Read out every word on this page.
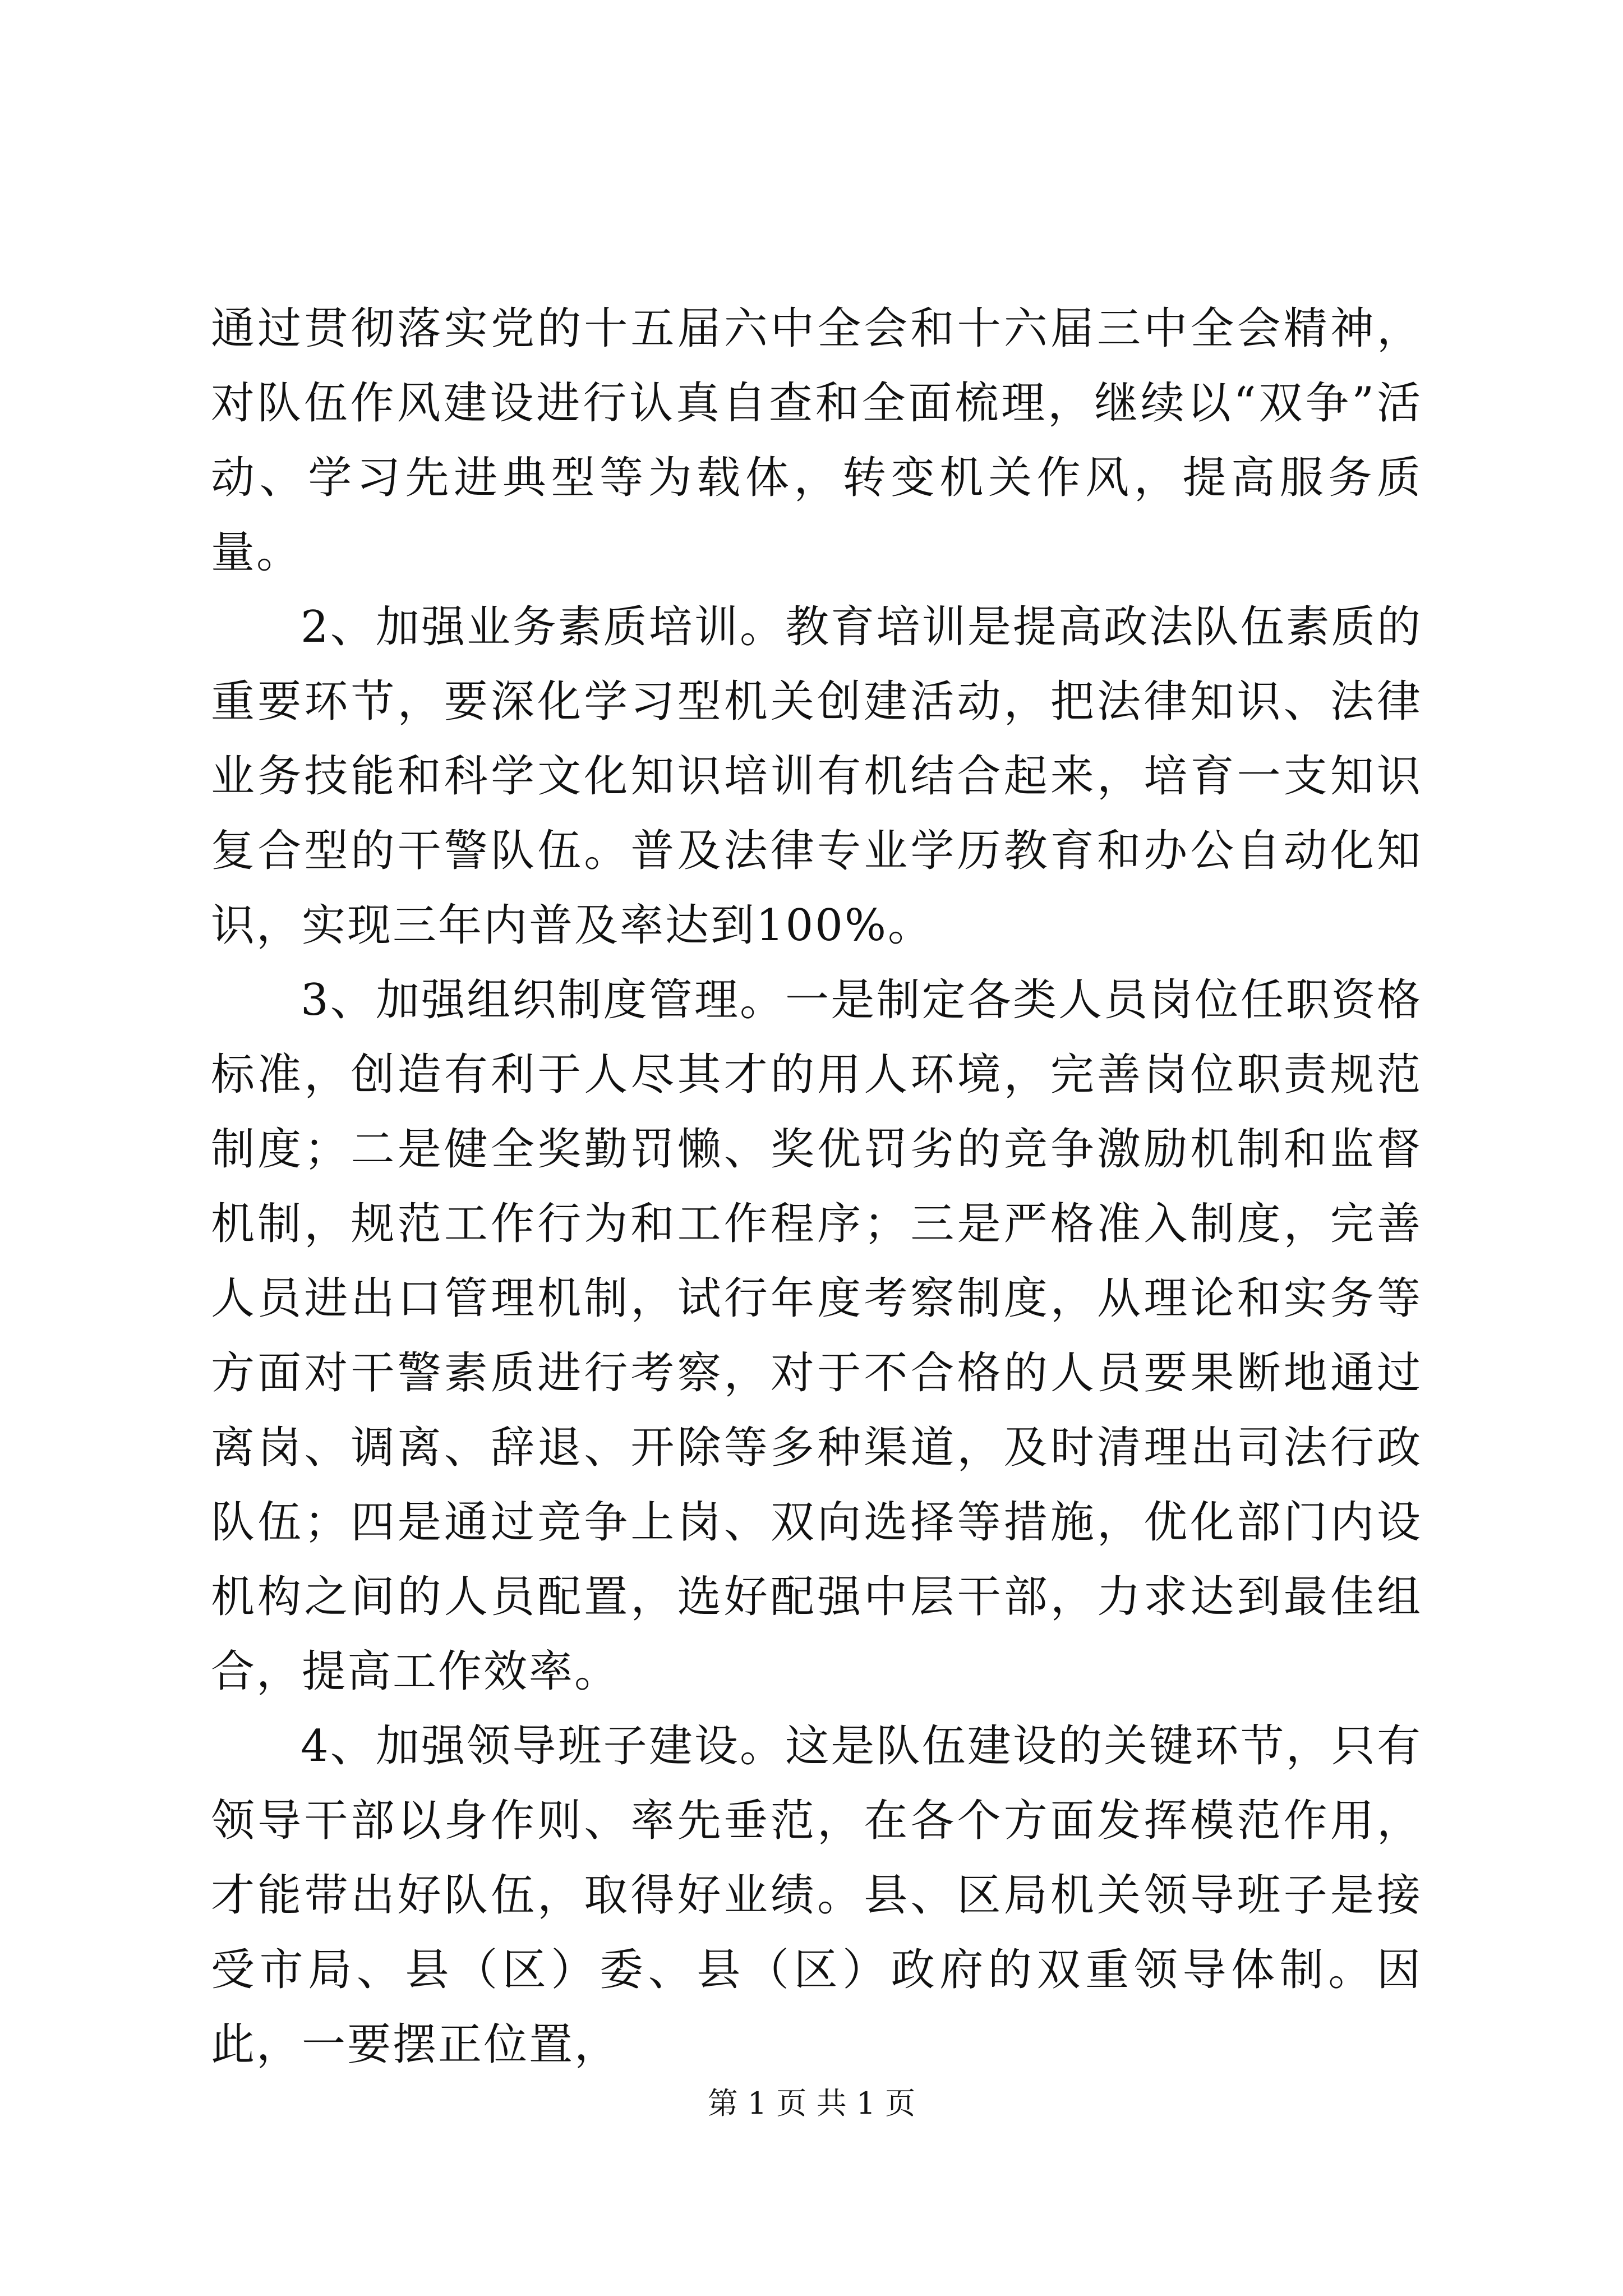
通过贯彻落实党的十五届六中全会和十六届三中全会精神，对队伍作风建设进行认真自查和全面梳理，继续以“双争”活动、学习先进典型等为载体，转变机关作风，提高服务质量。

2、加强业务素质培训。教育培训是提高政法队伍素质的重要环节，要深化学习型机关创建活动，把法律知识、法律业务技能和科学文化知识培训有机结合起来，培育一支知识复合型的干警队伍。普及法律专业学历教育和办公自动化知识，实现三年内普及率达到100%。

3、加强组织制度管理。一是制定各类人员岗位任职资格标准，创造有利于人尽其才的用人环境，完善岗位职责规范制度；二是健全奖勤罚懒、奖优罚劣的竞争激励机制和监督机制，规范工作行为和工作程序；三是严格准入制度，完善人员进出口管理机制，试行年度考察制度，从理论和实务等方面对干警素质进行考察，对于不合格的人员要果断地通过离岗、调离、辞退、开除等多种渠道，及时清理出司法行政队伍；四是通过竞争上岗、双向选择等措施，优化部门内设机构之间的人员配置，选好配强中层干部，力求达到最佳组合，提高工作效率。

4、加强领导班子建设。这是队伍建设的关键环节，只有领导干部以身作则、率先垂范，在各个方面发挥模范作用，才能带出好队伍，取得好业绩。县、区局机关领导班子是接受市局、县（区）委、县（区）政府的双重领导体制。因此，一要摆正位置，

第 1 页 共 1 页
